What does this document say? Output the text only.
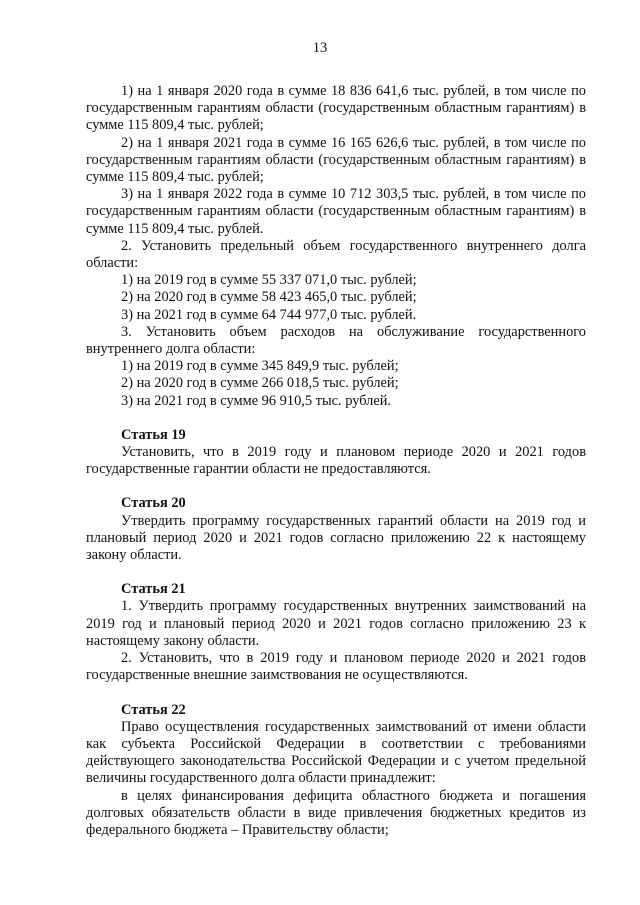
13

1) на 1 января 2020 года в сумме 18 836 641,6 тыс. рублей, в том числе по государственным гарантиям области (государственным областным гарантиям) в сумме 115 809,4 тыс. рублей;

2) на 1 января 2021 года в сумме 16 165 626,6 тыс. рублей, в том числе по государственным гарантиям области (государственным областным гарантиям) в сумме 115 809,4 тыс. рублей;

3) на 1 января 2022 года в сумме 10 712 303,5 тыс. рублей, в том числе по государственным гарантиям области (государственным областным гарантиям) в сумме 115 809,4 тыс. рублей.

2. Установить предельный объем государственного внутреннего долга области:

1) на 2019 год в сумме 55 337 071,0 тыс. рублей;

2) на 2020 год в сумме 58 423 465,0 тыс. рублей;

3) на 2021 год в сумме 64 744 977,0 тыс. рублей.

3. Установить объем расходов на обслуживание государственного внутреннего долга области:

1) на 2019 год в сумме 345 849,9 тыс. рублей;

2) на 2020 год в сумме 266 018,5 тыс. рублей;

3) на 2021 год в сумме 96 910,5 тыс. рублей.

Статья 19

Установить, что в 2019 году и плановом периоде 2020 и 2021 годов государственные гарантии области не предоставляются.

Статья 20

Утвердить программу государственных гарантий области на 2019 год и плановый период 2020 и 2021 годов согласно приложению 22 к настоящему закону области.

Статья 21

1. Утвердить программу государственных внутренних заимствований на 2019 год и плановый период 2020 и 2021 годов согласно приложению 23 к настоящему закону области.

2. Установить, что в 2019 году и плановом периоде 2020 и 2021 годов государственные внешние заимствования не осуществляются.

Статья 22

Право осуществления государственных заимствований от имени области как субъекта Российской Федерации в соответствии с требованиями действующего законодательства Российской Федерации и с учетом предельной величины государственного долга области принадлежит:

в целях финансирования дефицита областного бюджета и погашения долговых обязательств области в виде привлечения бюджетных кредитов из федерального бюджета – Правительству области;
